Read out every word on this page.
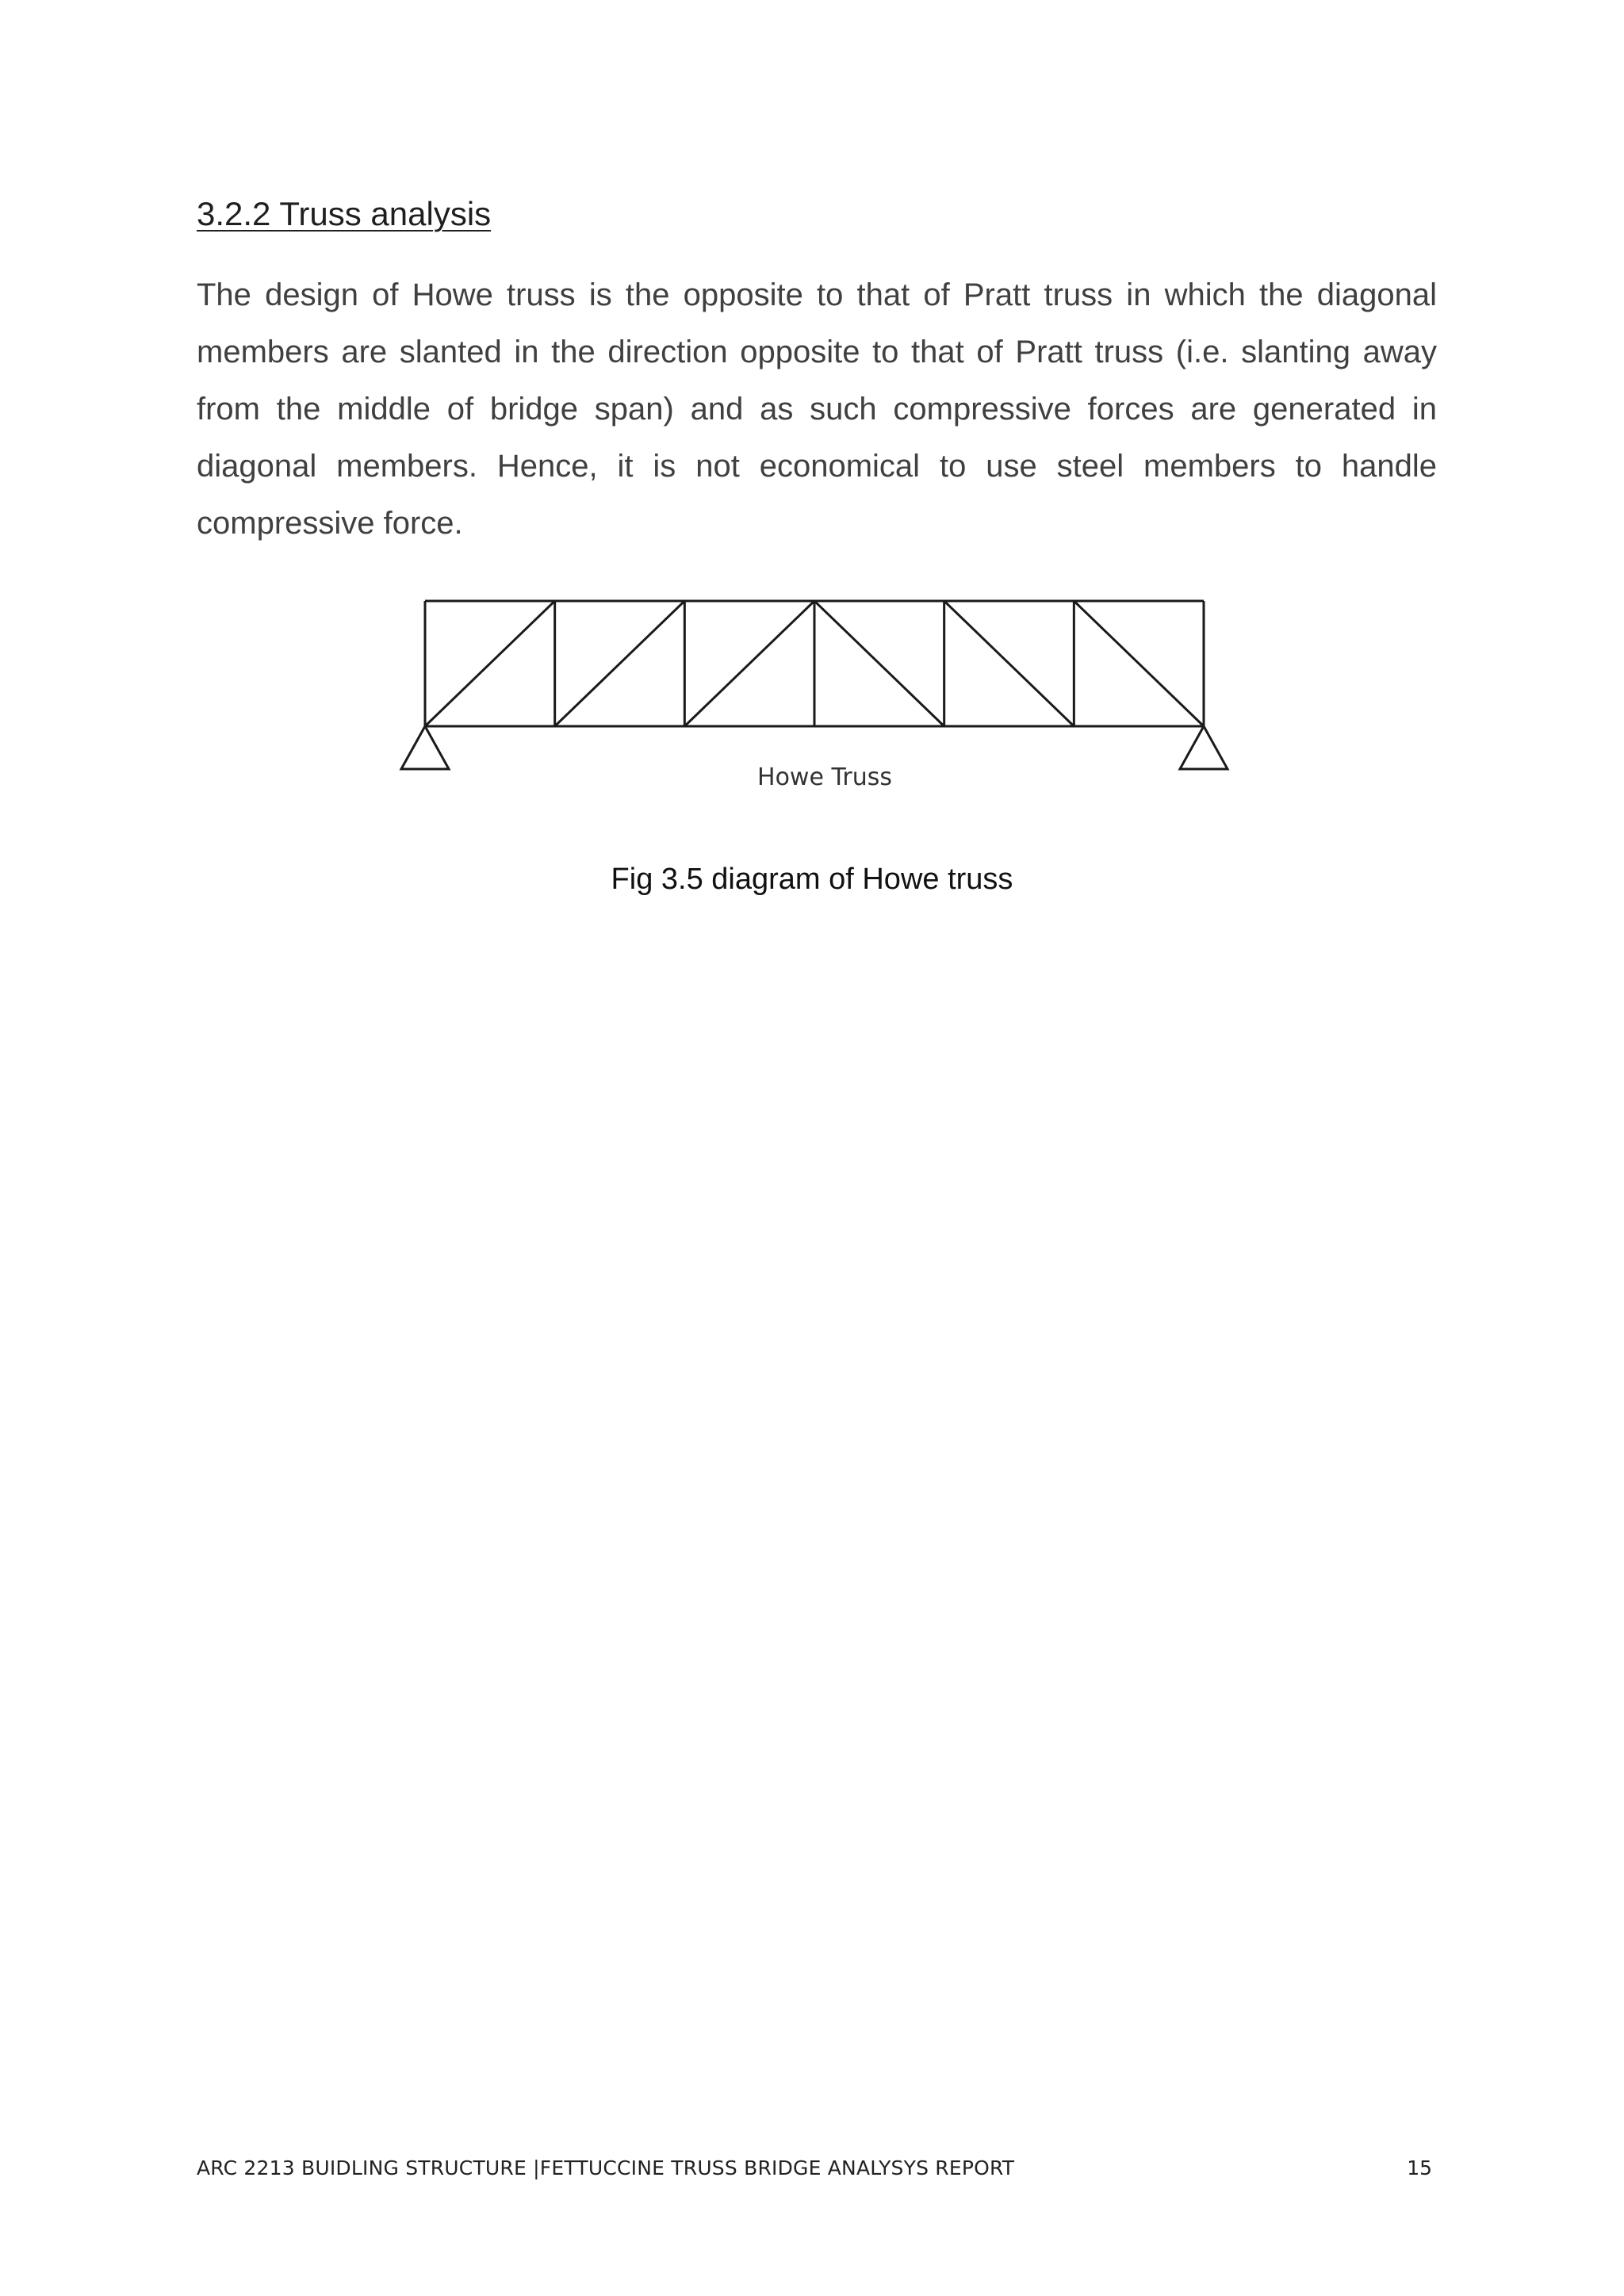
3.2.2 Truss analysis

The design of Howe truss is the opposite to that of Pratt truss in which the diagonal members are slanted in the direction opposite to that of Pratt truss (i.e. slanting away from the middle of bridge span) and as such compressive forces are generated in diagonal members. Hence, it is not economical to use steel members to handle compressive force.

Howe Truss

Fig 3.5 diagram of Howe truss

ARC 2213 BUIDLING STRUCTURE |FETTUCCINE TRUSS BRIDGE ANALYSYS REPORT	15
